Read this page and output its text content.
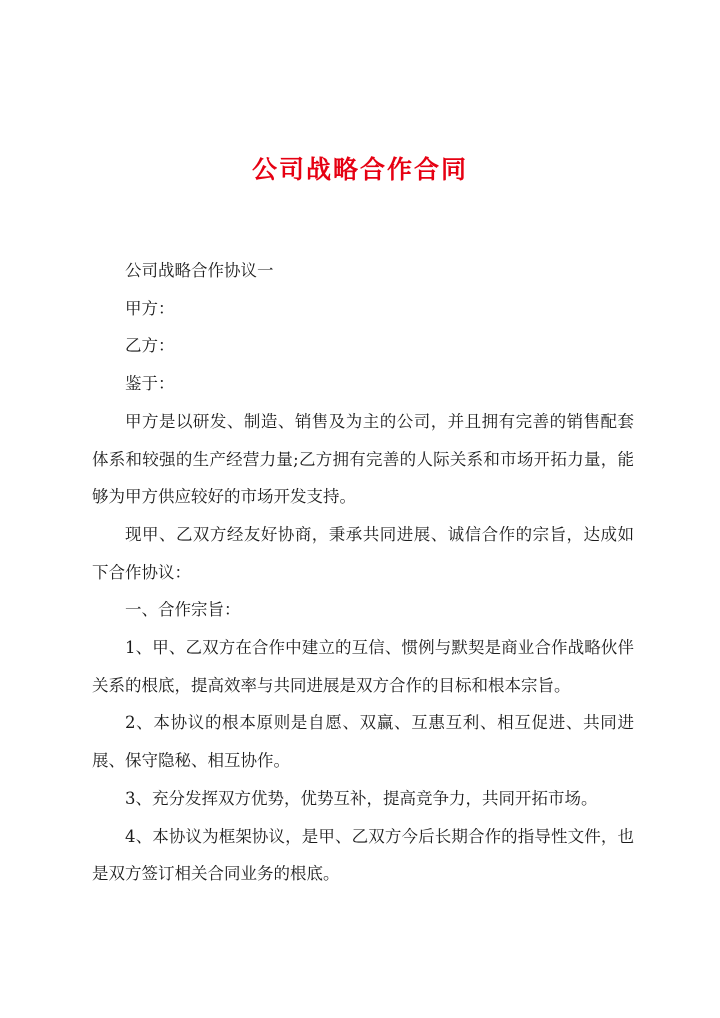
公司战略合作合同

公司战略合作协议一

甲方：

乙方：

鉴于：

甲方是以研发、制造、销售及为主的公司，并且拥有完善的销售配套体系和较强的生产经营力量;乙方拥有完善的人际关系和市场开拓力量，能够为甲方供应较好的市场开发支持。

现甲、乙双方经友好协商，秉承共同进展、诚信合作的宗旨，达成如下合作协议：

一、合作宗旨：

1、甲、乙双方在合作中建立的互信、惯例与默契是商业合作战略伙伴关系的根底，提高效率与共同进展是双方合作的目标和根本宗旨。

2、本协议的根本原则是自愿、双赢、互惠互利、相互促进、共同进展、保守隐秘、相互协作。

3、充分发挥双方优势，优势互补，提高竞争力，共同开拓市场。

4、本协议为框架协议，是甲、乙双方今后长期合作的指导性文件，也是双方签订相关合同业务的根底。
